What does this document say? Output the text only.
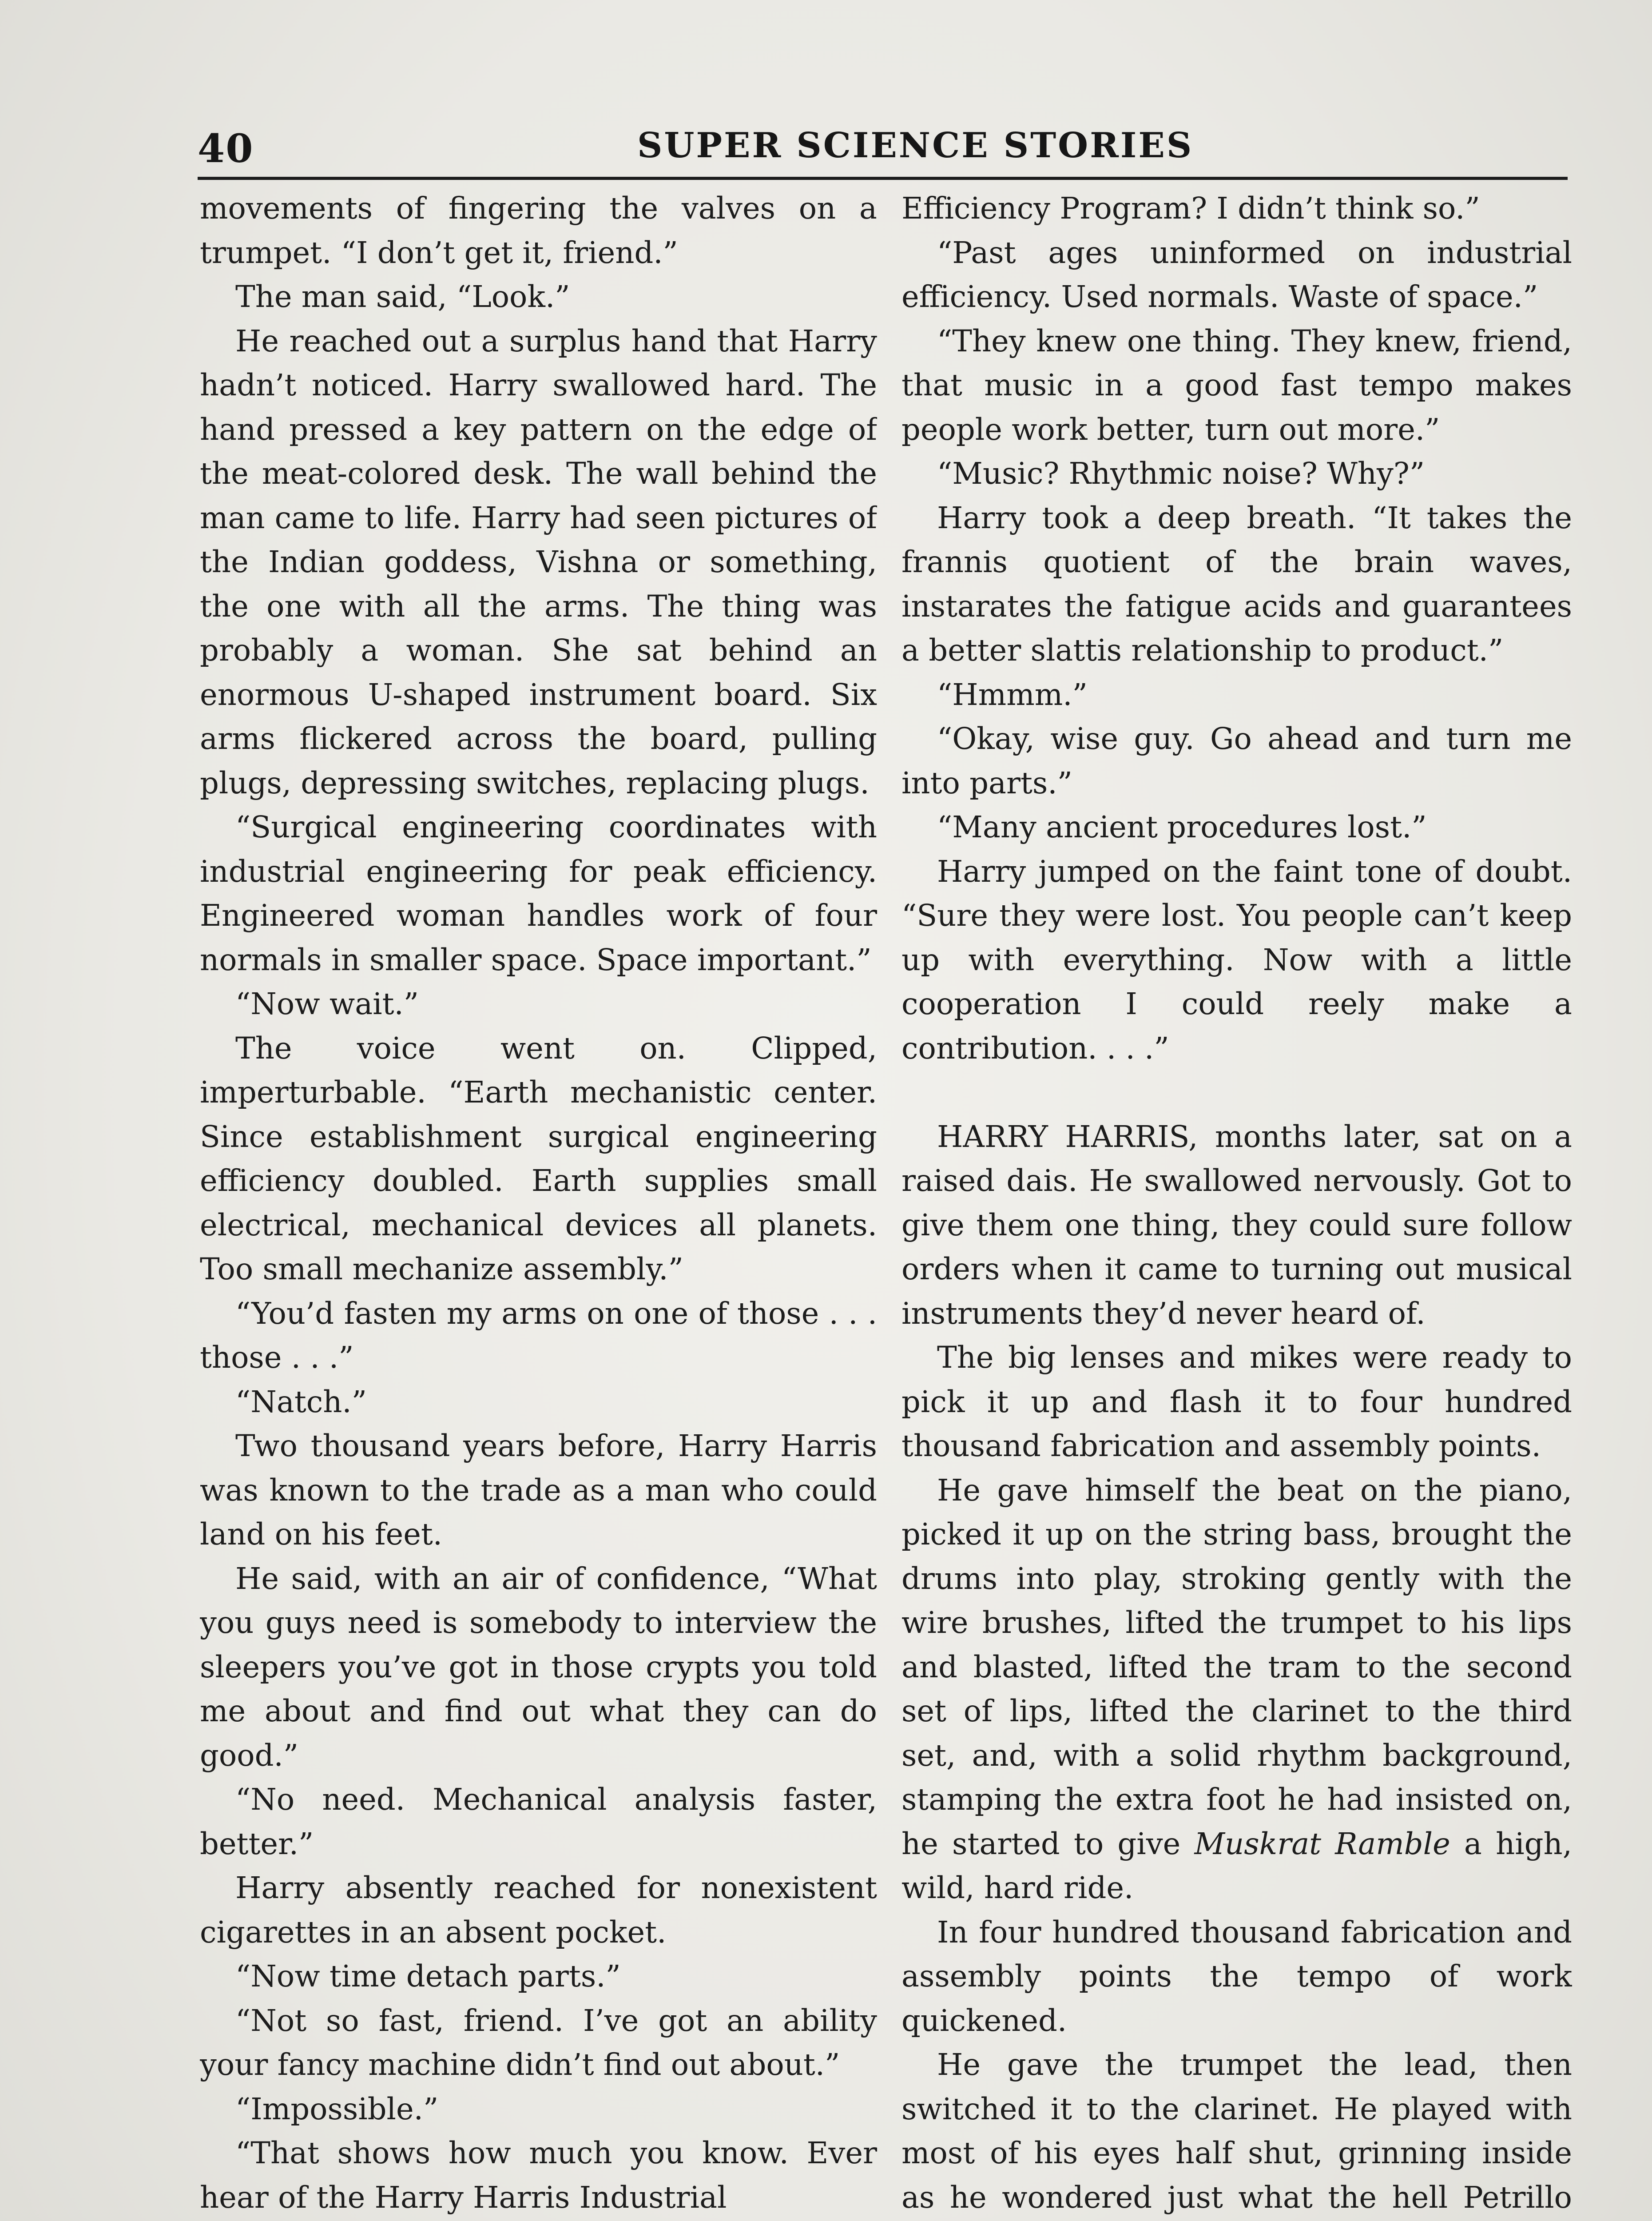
40	SUPER SCIENCE STORIES

movements of fingering the valves on a trumpet. “I don’t get it, friend.”

The man said, “Look.”

He reached out a surplus hand that Harry hadn’t noticed. Harry swallowed hard. The hand pressed a key pattern on the edge of the meat-colored desk. The wall behind the man came to life. Harry had seen pictures of the Indian goddess, Vishna or something, the one with all the arms. The thing was probably a woman. She sat behind an enormous U-shaped instrument board. Six arms flickered across the board, pulling plugs, depressing switches, replacing plugs.

“Surgical engineering coordinates with industrial engineering for peak efficiency. Engineered woman handles work of four normals in smaller space. Space important.”

“Now wait.”

The voice went on. Clipped, imperturbable. “Earth mechanistic center. Since establishment surgical engineering efficiency doubled. Earth supplies small electrical, mechanical devices all planets. Too small mechanize assembly.”

“You’d fasten my arms on one of those . . . those . . .”

“Natch.”

Two thousand years before, Harry Harris was known to the trade as a man who could land on his feet.

He said, with an air of confidence, “What you guys need is somebody to interview the sleepers you’ve got in those crypts you told me about and find out what they can do good.”

“No need. Mechanical analysis faster, better.”

Harry absently reached for nonexistent cigarettes in an absent pocket.

“Now time detach parts.”

“Not so fast, friend. I’ve got an ability your fancy machine didn’t find out about.”

“Impossible.”

“That shows how much you know. Ever hear of the Harry Harris Industrial

Efficiency Program? I didn’t think so.”

“Past ages uninformed on industrial efficiency. Used normals. Waste of space.”

“They knew one thing. They knew, friend, that music in a good fast tempo makes people work better, turn out more.”

“Music? Rhythmic noise? Why?”

Harry took a deep breath. “It takes the frannis quotient of the brain waves, instarates the fatigue acids and guarantees a better slattis relationship to product.”

“Hmmm.”

“Okay, wise guy. Go ahead and turn me into parts.”

“Many ancient procedures lost.”

Harry jumped on the faint tone of doubt. “Sure they were lost. You people can’t keep up with everything. Now with a little cooperation I could reely make a contribution. . . .”

HARRY HARRIS, months later, sat on a raised dais. He swallowed nervously. Got to give them one thing, they could sure follow orders when it came to turning out musical instruments they’d never heard of.

The big lenses and mikes were ready to pick it up and flash it to four hundred thousand fabrication and assembly points.

He gave himself the beat on the piano, picked it up on the string bass, brought the drums into play, stroking gently with the wire brushes, lifted the trumpet to his lips and blasted, lifted the tram to the second set of lips, lifted the clarinet to the third set, and, with a solid rhythm background, stamping the extra foot he had insisted on, he started to give Muskrat Ramble a high, wild, hard ride.

In four hundred thousand fabrication and assembly points the tempo of work quickened.

He gave the trumpet the lead, then switched it to the clarinet. He played with most of his eyes half shut, grinning inside as he wondered just what the hell Petrillo
